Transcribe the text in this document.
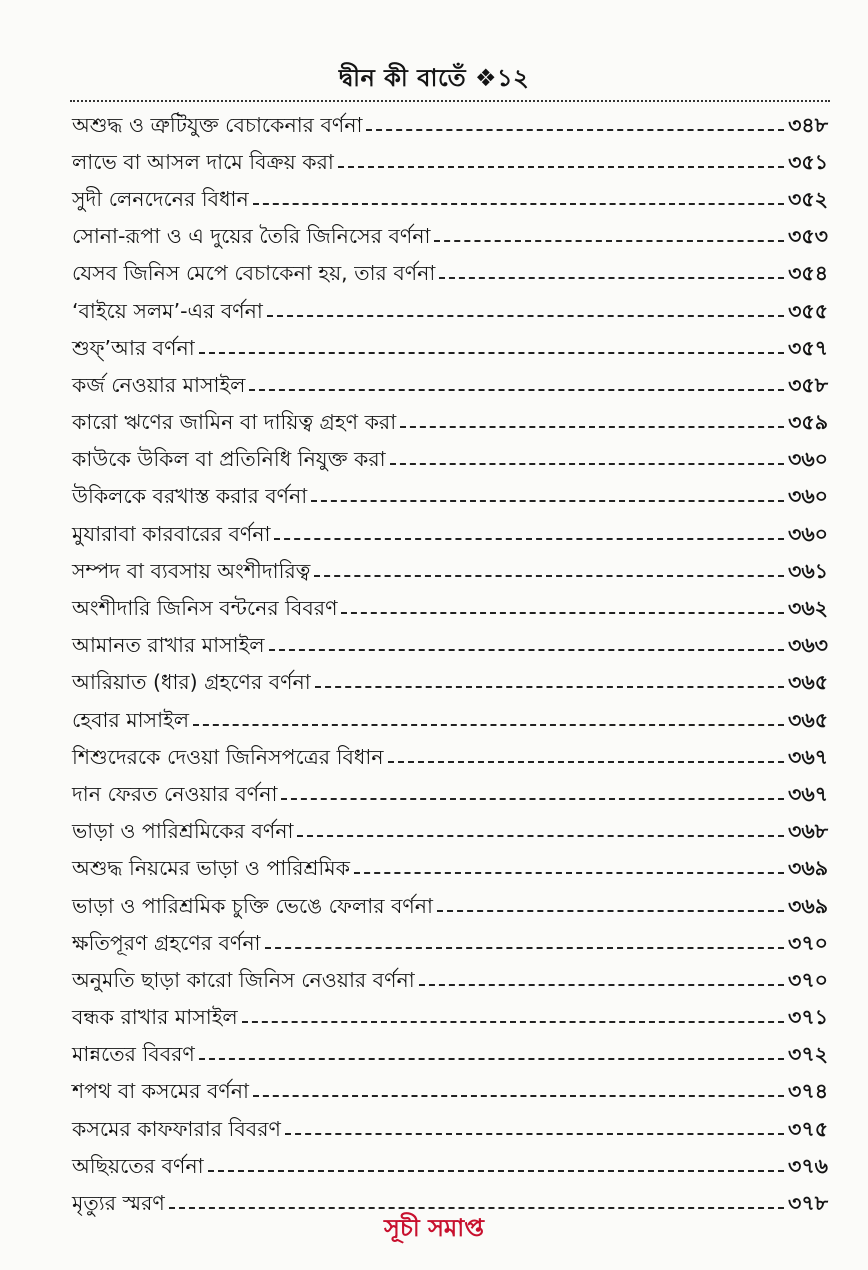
দ্বীন কী বাতেঁ ❖১২
অশুদ্ধ ও ত্রুটিযুক্ত বেচাকেনার বর্ণনা	৩৪৮
লাভে বা আসল দামে বিক্রয় করা	৩৫১
সুদী লেনদেনের বিধান	৩৫২
সোনা-রূপা ও এ দুয়ের তৈরি জিনিসের বর্ণনা	৩৫৩
যেসব জিনিস মেপে বেচাকেনা হয়, তার বর্ণনা	৩৫৪
‘বাইয়ে সলম’-এর বর্ণনা	৩৫৫
শুফ্‌’আর বর্ণনা	৩৫৭
কর্জ নেওয়ার মাসাইল	৩৫৮
কারো ঋণের জামিন বা দায়িত্ব গ্রহণ করা	৩৫৯
কাউকে উকিল বা প্রতিনিধি নিযুক্ত করা	৩৬০
উকিলকে বরখাস্ত করার বর্ণনা	৩৬০
মুযারাবা কারবারের বর্ণনা	৩৬০
সম্পদ বা ব্যবসায় অংশীদারিত্ব	৩৬১
অংশীদারি জিনিস বন্টনের বিবরণ	৩৬২
আমানত রাখার মাসাইল	৩৬৩
আরিয়াত (ধার) গ্রহণের বর্ণনা	৩৬৫
হেবার মাসাইল	৩৬৫
শিশুদেরকে দেওয়া জিনিসপত্রের বিধান	৩৬৭
দান ফেরত নেওয়ার বর্ণনা	৩৬৭
ভাড়া ও পারিশ্রমিকের বর্ণনা	৩৬৮
অশুদ্ধ নিয়মের ভাড়া ও পারিশ্রমিক	৩৬৯
ভাড়া ও পারিশ্রমিক চুক্তি ভেঙে ফেলার বর্ণনা	৩৬৯
ক্ষতিপূরণ গ্রহণের বর্ণনা	৩৭০
অনুমতি ছাড়া কারো জিনিস নেওয়ার বর্ণনা	৩৭০
বন্ধক রাখার মাসাইল	৩৭১
মান্নতের বিবরণ	৩৭২
শপথ বা কসমের বর্ণনা	৩৭৪
কসমের কাফফারার বিবরণ	৩৭৫
অছিয়তের বর্ণনা	৩৭৬
মৃত্যুর স্মরণ	৩৭৮
সূচী সমাপ্ত
